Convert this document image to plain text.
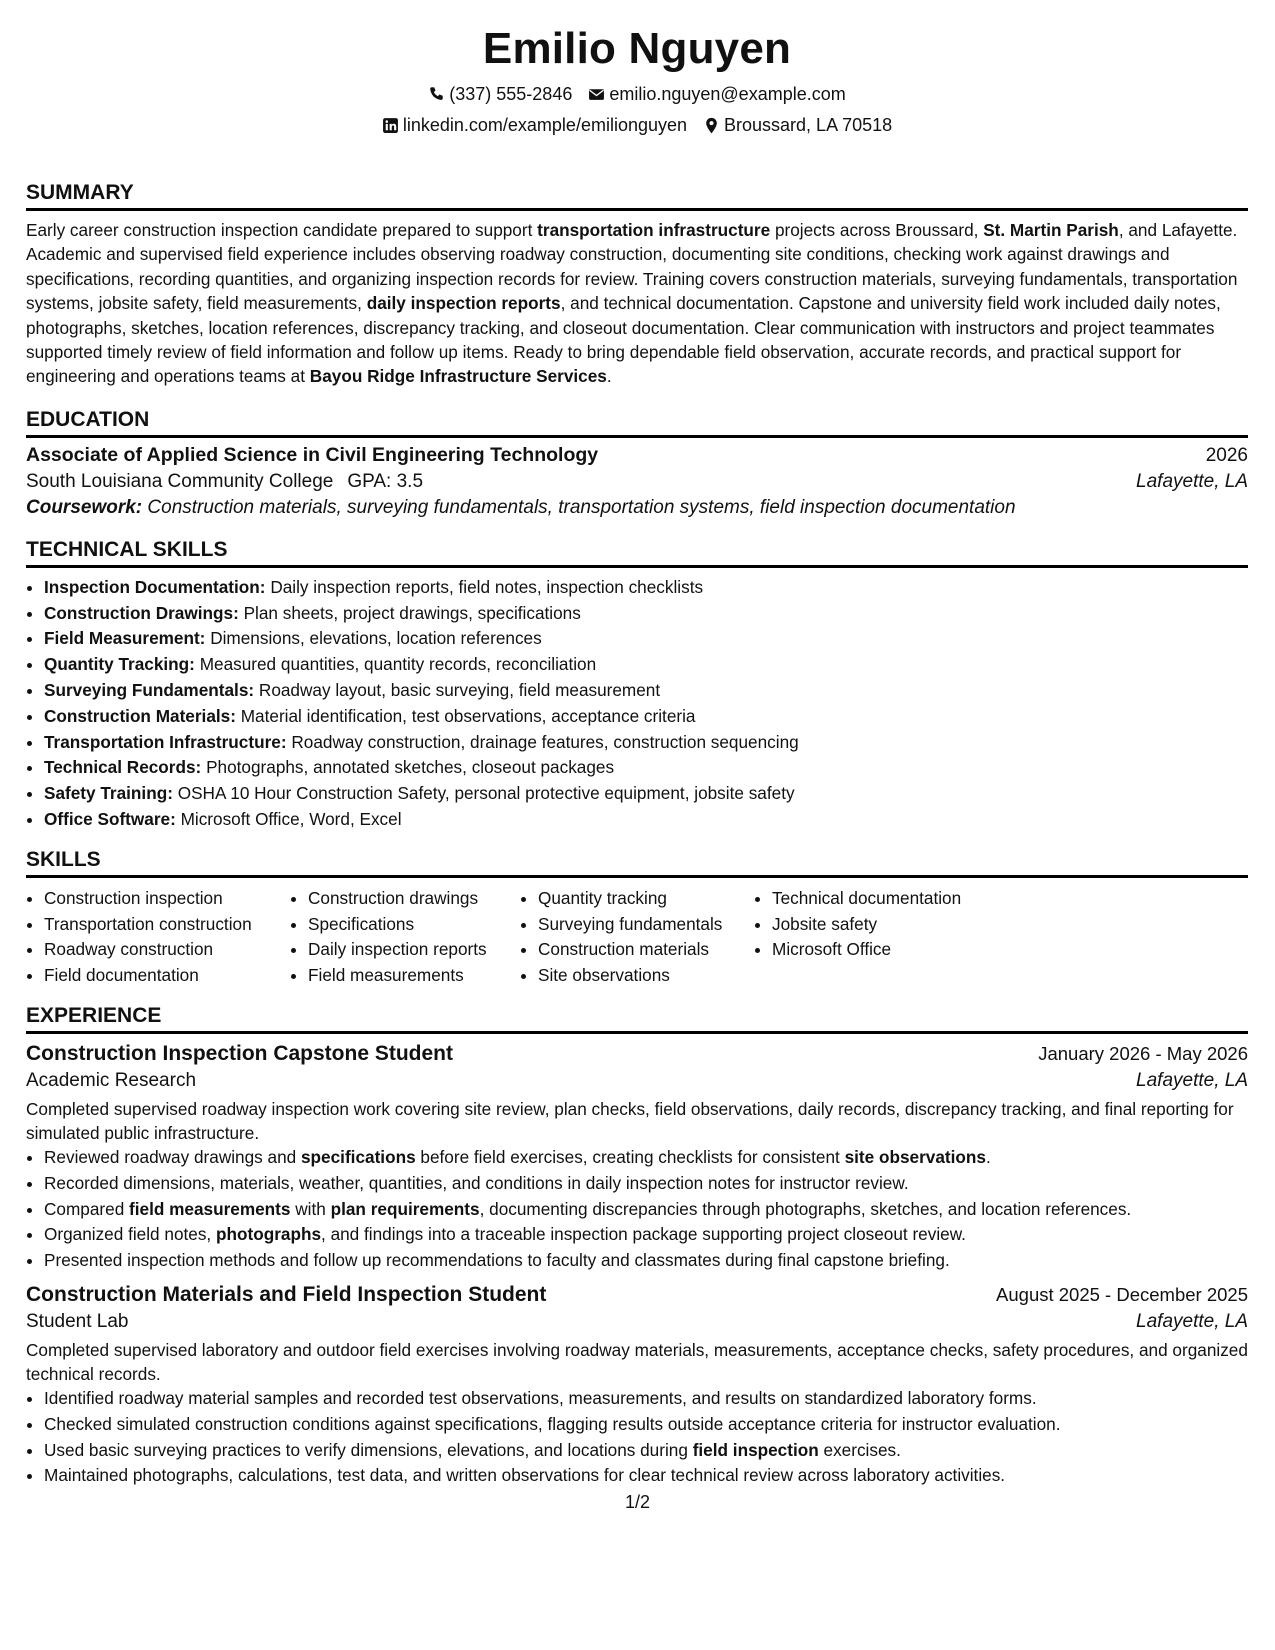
Emilio Nguyen
(337) 555-2846 emilio.nguyen@example.com
linkedin.com/example/emilionguyen Broussard, LA 70518
SUMMARY

Early career construction inspection candidate prepared to support transportation infrastructure projects across Broussard, St. Martin Parish, and Lafayette. Academic and supervised field experience includes observing roadway construction, documenting site conditions, checking work against drawings and specifications, recording quantities, and organizing inspection records for review. Training covers construction materials, surveying fundamentals, transportation systems, jobsite safety, field measurements, daily inspection reports, and technical documentation. Capstone and university field work included daily notes, photographs, sketches, location references, discrepancy tracking, and closeout documentation. Clear communication with instructors and project teammates supported timely review of field information and follow up items. Ready to bring dependable field observation, accurate records, and practical support for engineering and operations teams at Bayou Ridge Infrastructure Services.

EDUCATION
Associate of Applied Science in Civil Engineering Technology	2026
South Louisiana Community College GPA: 3.5	Lafayette, LA
Coursework: Construction materials, surveying fundamentals, transportation systems, field inspection documentation
TECHNICAL SKILLS
• Inspection Documentation: Daily inspection reports, field notes, inspection checklists
• Construction Drawings: Plan sheets, project drawings, specifications
• Field Measurement: Dimensions, elevations, location references
• Quantity Tracking: Measured quantities, quantity records, reconciliation
• Surveying Fundamentals: Roadway layout, basic surveying, field measurement
• Construction Materials: Material identification, test observations, acceptance criteria
• Transportation Infrastructure: Roadway construction, drainage features, construction sequencing
• Technical Records: Photographs, annotated sketches, closeout packages
• Safety Training: OSHA 10 Hour Construction Safety, personal protective equipment, jobsite safety
• Office Software: Microsoft Office, Word, Excel
SKILLS
• Construction inspection
• Transportation construction
• Roadway construction
• Field documentation
• Construction drawings
• Specifications
• Daily inspection reports
• Field measurements
• Quantity tracking
• Surveying fundamentals
• Construction materials
• Site observations
• Technical documentation
• Jobsite safety
• Microsoft Office
EXPERIENCE
Construction Inspection Capstone Student	January 2026 - May 2026
Academic Research	Lafayette, LA
Completed supervised roadway inspection work covering site review, plan checks, field observations, daily records, discrepancy tracking, and final reporting for simulated public infrastructure.
• Reviewed roadway drawings and specifications before field exercises, creating checklists for consistent site observations.
• Recorded dimensions, materials, weather, quantities, and conditions in daily inspection notes for instructor review.
• Compared field measurements with plan requirements, documenting discrepancies through photographs, sketches, and location references.
• Organized field notes, photographs, and findings into a traceable inspection package supporting project closeout review.
• Presented inspection methods and follow up recommendations to faculty and classmates during final capstone briefing.
Construction Materials and Field Inspection Student	August 2025 - December 2025
Student Lab	Lafayette, LA
Completed supervised laboratory and outdoor field exercises involving roadway materials, measurements, acceptance checks, safety procedures, and organized technical records.
• Identified roadway material samples and recorded test observations, measurements, and results on standardized laboratory forms.
• Checked simulated construction conditions against specifications, flagging results outside acceptance criteria for instructor evaluation.
• Used basic surveying practices to verify dimensions, elevations, and locations during field inspection exercises.
• Maintained photographs, calculations, test data, and written observations for clear technical review across laboratory activities.
1/2
